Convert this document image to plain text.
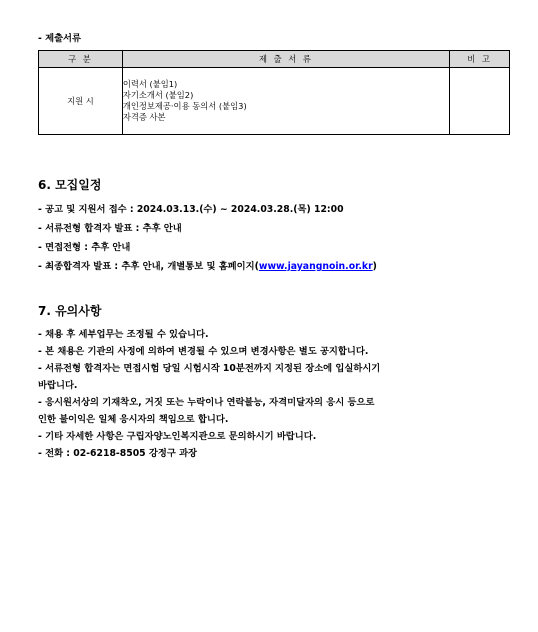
- 제출서류
구 분	제 출 서 류	비 고
지원 시	이력서 (붙임1)
자기소개서 (붙임2)
개인정보제공·이용 동의서 (붙임3)
자격증 사본	

6. 모집일정
- 공고 및 지원서 접수 : 2024.03.13.(수) ~ 2024.03.28.(목) 12:00
- 서류전형 합격자 발표 : 추후 안내
- 면접전형 : 추후 안내
- 최종합격자 발표 : 추후 안내, 개별통보 및 홈페이지(www.jayangnoin.or.kr)
7. 유의사항
- 채용 후 세부업무는 조정될 수 있습니다.
- 본 채용은 기관의 사정에 의하여 변경될 수 있으며 변경사항은 별도 공지합니다.
- 서류전형 합격자는 면접시험 당일 시험시작 10분전까지 지정된 장소에 입실하시기
바랍니다.
- 응시원서상의 기재착오, 거짓 또는 누락이나 연락불능, 자격미달자의 응시 등으로
인한 불이익은 일체 응시자의 책임으로 합니다.
- 기타 자세한 사항은 구립자양노인복지관으로 문의하시기 바랍니다.
- 전화 : 02-6218-8505 강정구 과장
